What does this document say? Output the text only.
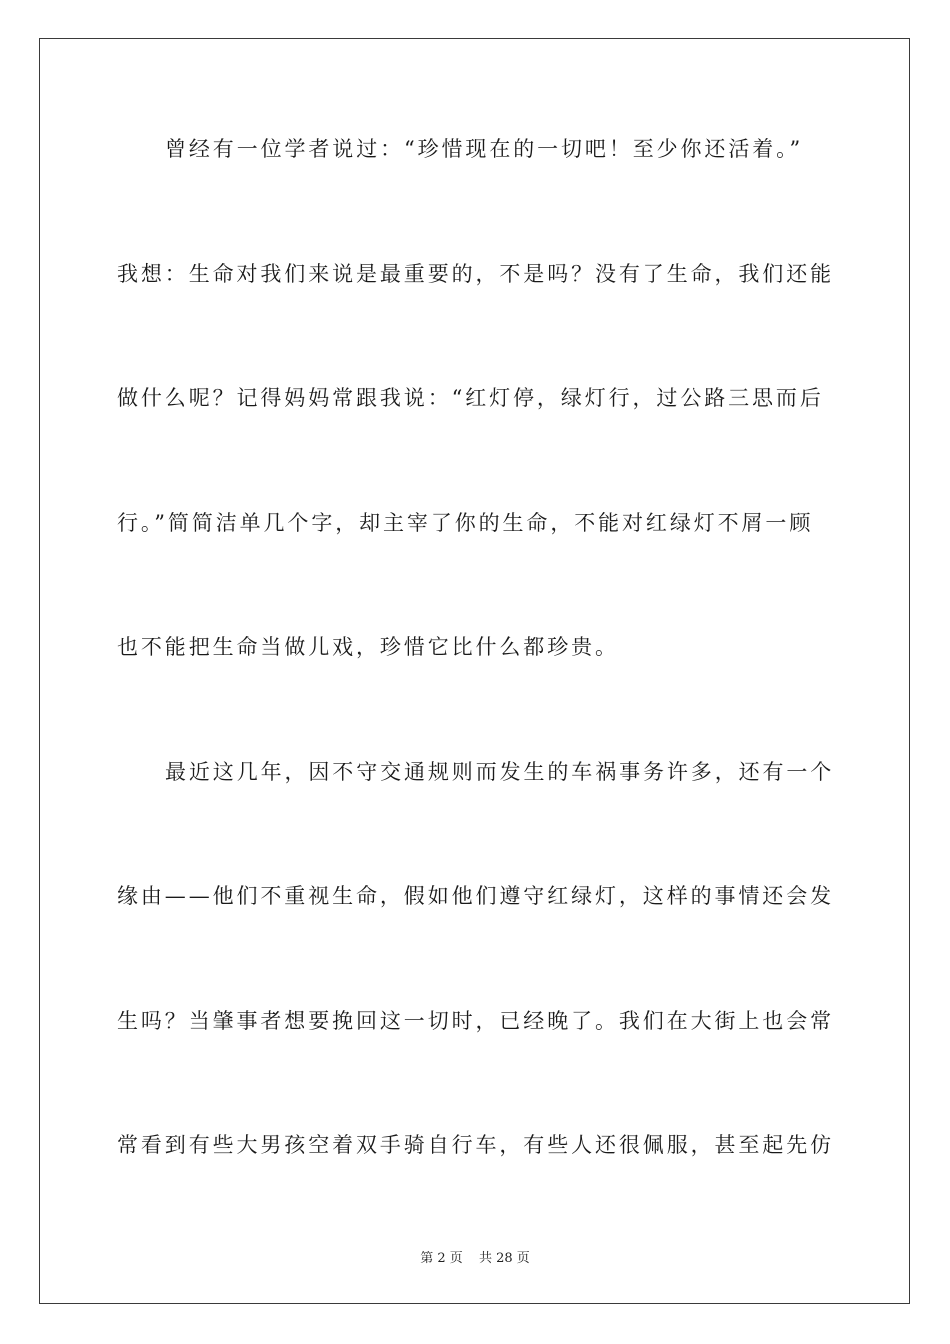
曾经有一位学者说过：“珍惜现在的一切吧！至少你还活着。”
我想：生命对我们来说是最重要的，不是吗？没有了生命，我们还能
做什么呢？记得妈妈常跟我说：“红灯停，绿灯行，过公路三思而后
行。”简简洁单几个字，却主宰了你的生命，不能对红绿灯不屑一顾
也不能把生命当做儿戏，珍惜它比什么都珍贵。
最近这几年，因不守交通规则而发生的车祸事务许多，还有一个
缘由——他们不重视生命，假如他们遵守红绿灯，这样的事情还会发
生吗？当肇事者想要挽回这一切时，已经晚了。我们在大街上也会常
常看到有些大男孩空着双手骑自行车，有些人还很佩服，甚至起先仿
第 2 页 共 28 页
